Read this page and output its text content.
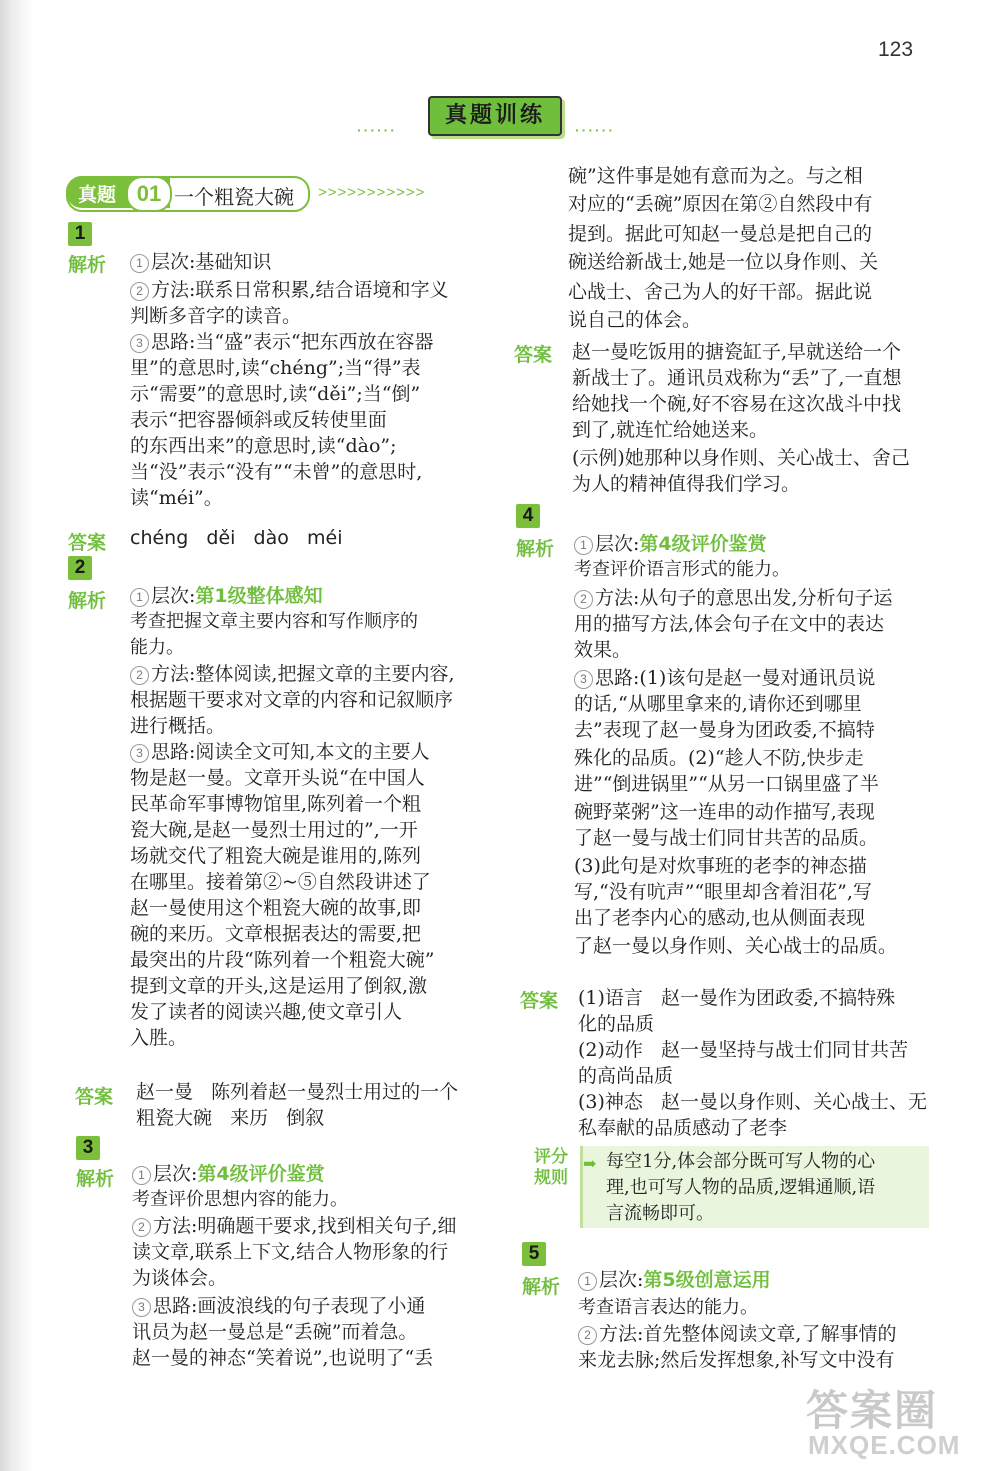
123
······
真题训练
······
真题 01 一个粗瓷大碗 >>>>>>>>>>>
1
解析	1 层次:基础知识
2 方法:联系日常积累,结合语境和字义
判断多音字的读音。
3 思路:当“盛”表示“把东西放在容器
里”的意思时,读“chéng”;当“得”表
示“需要”的意思时,读“děi”;当“倒”
表示“把容器倾斜或反转使里面
的东西出来”的意思时,读“dào”;
当“没”表示“没有”“未曾”的意思时,
读“méi”。
答案 chéng   děi   dào   méi
2
解析	1 层次:第1级整体感知
考查把握文章主要内容和写作顺序的
能力。
2 方法:整体阅读,把握文章的主要内容,
根据题干要求对文章的内容和记叙顺序
进行概括。
3 思路:阅读全文可知,本文的主要人
物是赵一曼。文章开头说“在中国人
民革命军事博物馆里,陈列着一个粗
瓷大碗,是赵一曼烈士用过的”,一开
场就交代了粗瓷大碗是谁用的,陈列
在哪里。接着第②~⑤自然段讲述了
赵一曼使用这个粗瓷大碗的故事,即
碗的来历。文章根据表达的需要,把
最突出的片段“陈列着一个粗瓷大碗”
提到文章的开头,这是运用了倒叙,激
发了读者的阅读兴趣,使文章引人
入胜。
答案 赵一曼   陈列着赵一曼烈士用过的一个
粗瓷大碗   来历   倒叙
3
解析	1 层次:第4级评价鉴赏
考查评价思想内容的能力。
2 方法:明确题干要求,找到相关句子,细
读文章,联系上下文,结合人物形象的行
为谈体会。
3 思路:画波浪线的句子表现了小通
讯员为赵一曼总是“丢碗”而着急。
赵一曼的神态“笑着说”,也说明了“丢
碗”这件事是她有意而为之。与之相
对应的“丢碗”原因在第②自然段中有
提到。据此可知赵一曼总是把自己的
碗送给新战士,她是一位以身作则、关
心战士、舍己为人的好干部。据此说
说自己的体会。
答案 赵一曼吃饭用的搪瓷缸子,早就送给一个
新战士了。通讯员戏称为“丢”了,一直想
给她找一个碗,好不容易在这次战斗中找
到了,就连忙给她送来。
(示例)她那种以身作则、关心战士、舍己
为人的精神值得我们学习。
4
解析	1 层次:第4级评价鉴赏
考查评价语言形式的能力。
2 方法:从句子的意思出发,分析句子运
用的描写方法,体会句子在文中的表达
效果。
3 思路:(1)该句是赵一曼对通讯员说
的话,“从哪里拿来的,请你还到哪里
去”表现了赵一曼身为团政委,不搞特
殊化的品质。(2)“趁人不防,快步走
进”“倒进锅里”“从另一口锅里盛了半
碗野菜粥”这一连串的动作描写,表现
了赵一曼与战士们同甘共苦的品质。
(3)此句是对炊事班的老李的神态描
写,“没有吭声”“眼里却含着泪花”,写
出了老李内心的感动,也从侧面表现
了赵一曼以身作则、关心战士的品质。
答案 (1)语言   赵一曼作为团政委,不搞特殊
化的品质
(2)动作   赵一曼坚持与战士们同甘共苦
的高尚品质
(3)神态   赵一曼以身作则、关心战士、无
私奉献的品质感动了老李
评分规则
➡ 每空1分,体会部分既可写人物的心
理,也可写人物的品质,逻辑通顺,语
言流畅即可。
5
解析	1 层次:第5级创意运用
考查语言表达的能力。
2 方法:首先整体阅读文章,了解事情的
来龙去脉;然后发挥想象,补写文中没有
答案圈
MXQE.COM
